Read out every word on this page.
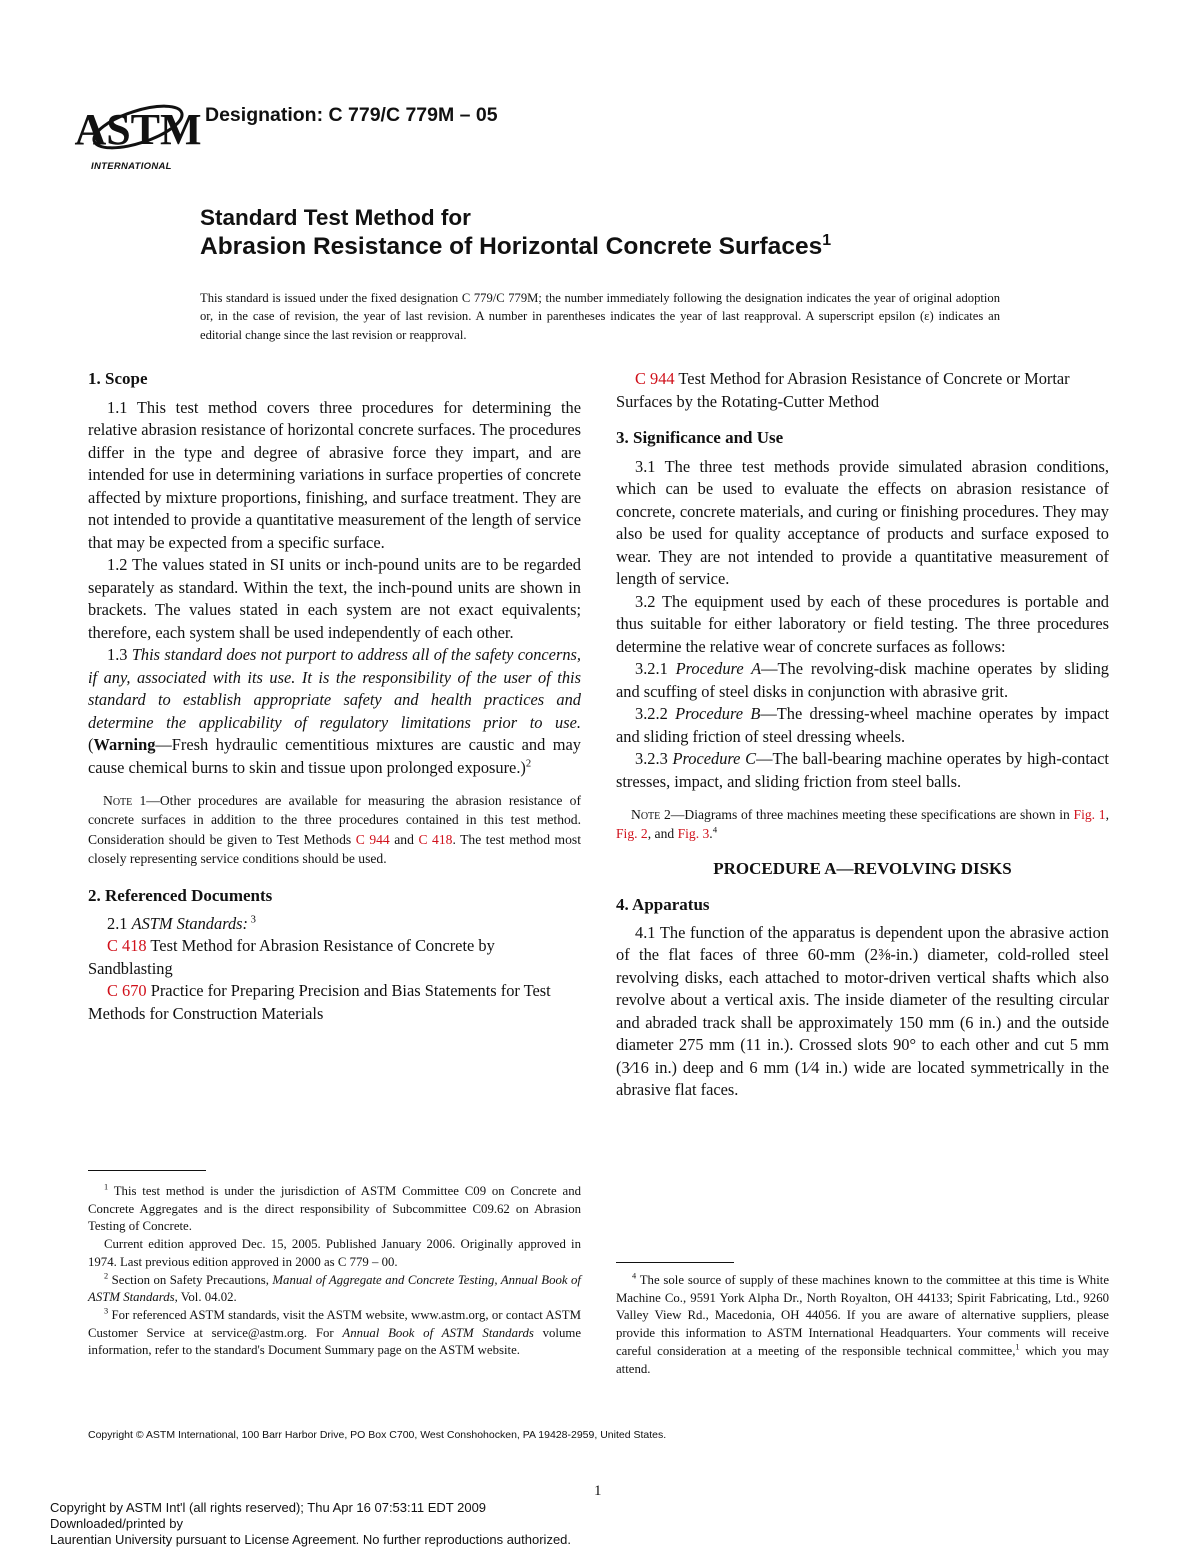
ASTM
INTERNATIONAL
Designation: C 779/C 779M – 05
Standard Test Method for
Abrasion Resistance of Horizontal Concrete Surfaces$^1$
This standard is issued under the fixed designation C 779/C 779M; the number immediately following the designation indicates the year of original adoption or, in the case of revision, the year of last revision. A number in parentheses indicates the year of last reapproval. A superscript epsilon (ε) indicates an editorial change since the last revision or reapproval.

1. Scope

1.1 This test method covers three procedures for determining the relative abrasion resistance of horizontal concrete surfaces. The procedures differ in the type and degree of abrasive force they impart, and are intended for use in determining variations in surface properties of concrete affected by mixture proportions, finishing, and surface treatment. They are not intended to provide a quantitative measurement of the length of service that may be expected from a specific surface.

1.2 The values stated in SI units or inch-pound units are to be regarded separately as standard. Within the text, the inch-pound units are shown in brackets. The values stated in each system are not exact equivalents; therefore, each system shall be used independently of each other.

1.3 This standard does not purport to address all of the safety concerns, if any, associated with its use. It is the responsibility of the user of this standard to establish appropriate safety and health practices and determine the applicability of regulatory limitations prior to use. (Warning—Fresh hydraulic cementitious mixtures are caustic and may cause chemical burns to skin and tissue upon prolonged exposure.)$^2$

Note 1—Other procedures are available for measuring the abrasion resistance of concrete surfaces in addition to the three procedures contained in this test method. Consideration should be given to Test Methods C 944 and C 418. The test method most closely representing service conditions should be used.

2. Referenced Documents

2.1 ASTM Standards: $^3$

C 418 Test Method for Abrasion Resistance of Concrete by Sandblasting

C 670 Practice for Preparing Precision and Bias Statements for Test Methods for Construction Materials

$^1$ This test method is under the jurisdiction of ASTM Committee C09 on Concrete and Concrete Aggregates and is the direct responsibility of Subcommittee C09.62 on Abrasion Testing of Concrete.

Current edition approved Dec. 15, 2005. Published January 2006. Originally approved in 1974. Last previous edition approved in 2000 as C 779 – 00.

$^2$ Section on Safety Precautions, Manual of Aggregate and Concrete Testing, Annual Book of ASTM Standards, Vol. 04.02.

$^3$ For referenced ASTM standards, visit the ASTM website, www.astm.org, or contact ASTM Customer Service at service@astm.org. For Annual Book of ASTM Standards volume information, refer to the standard's Document Summary page on the ASTM website.

C 944 Test Method for Abrasion Resistance of Concrete or Mortar Surfaces by the Rotating-Cutter Method

3. Significance and Use

3.1 The three test methods provide simulated abrasion conditions, which can be used to evaluate the effects on abrasion resistance of concrete, concrete materials, and curing or finishing procedures. They may also be used for quality acceptance of products and surface exposed to wear. They are not intended to provide a quantitative measurement of length of service.

3.2 The equipment used by each of these procedures is portable and thus suitable for either laboratory or field testing. The three procedures determine the relative wear of concrete surfaces as follows:

3.2.1 Procedure A—The revolving-disk machine operates by sliding and scuffing of steel disks in conjunction with abrasive grit.

3.2.2 Procedure B—The dressing-wheel machine operates by impact and sliding friction of steel dressing wheels.

3.2.3 Procedure C—The ball-bearing machine operates by high-contact stresses, impact, and sliding friction from steel balls.

Note 2—Diagrams of three machines meeting these specifications are shown in Fig. 1, Fig. 2, and Fig. 3.$^4$

PROCEDURE A—REVOLVING DISKS

4. Apparatus

4.1 The function of the apparatus is dependent upon the abrasive action of the flat faces of three 60-mm (2⅜-in.) diameter, cold-rolled steel revolving disks, each attached to motor-driven vertical shafts which also revolve about a vertical axis. The inside diameter of the resulting circular and abraded track shall be approximately 150 mm (6 in.) and the outside diameter 275 mm (11 in.). Crossed slots 90° to each other and cut 5 mm (3⁄16 in.) deep and 6 mm (1⁄4 in.) wide are located symmetrically in the abrasive flat faces.

$^4$ The sole source of supply of these machines known to the committee at this time is White Machine Co., 9591 York Alpha Dr., North Royalton, OH 44133; Spirit Fabricating, Ltd., 9260 Valley View Rd., Macedonia, OH 44056. If you are aware of alternative suppliers, please provide this information to ASTM International Headquarters. Your comments will receive careful consideration at a meeting of the responsible technical committee,$^1$ which you may attend.

Copyright © ASTM International, 100 Barr Harbor Drive, PO Box C700, West Conshohocken, PA 19428-2959, United States.
1
Copyright by ASTM Int'l (all rights reserved); Thu Apr 16 07:53:11 EDT 2009
Downloaded/printed by
Laurentian University pursuant to License Agreement. No further reproductions authorized.
